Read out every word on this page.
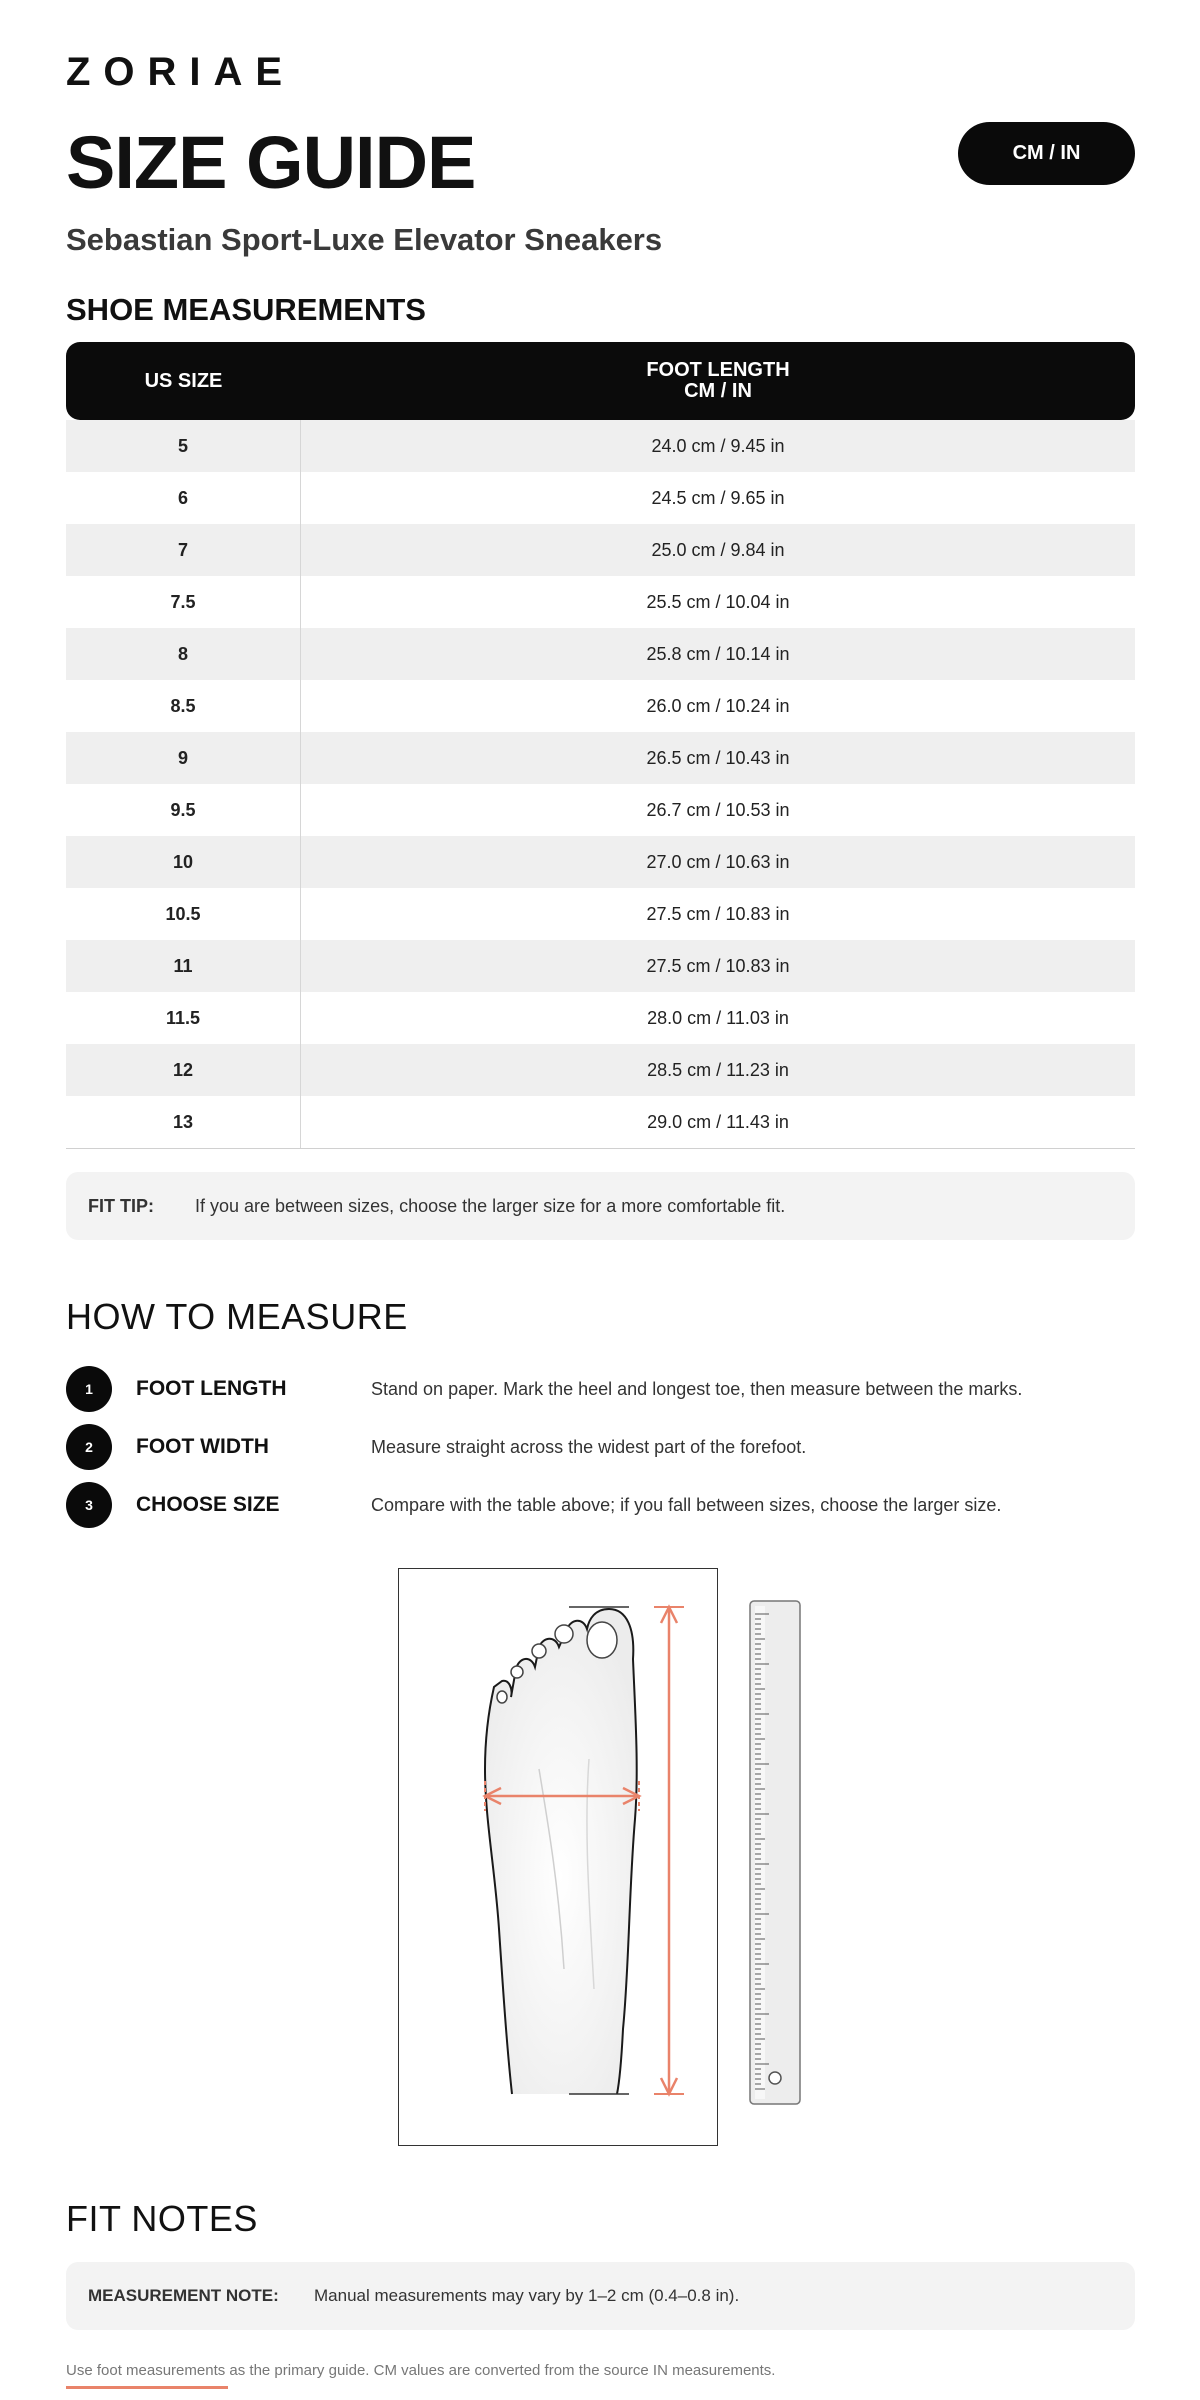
ZORIAE
SIZE GUIDE	CM / IN
Sebastian Sport-Luxe Elevator Sneakers
SHOE MEASUREMENTS
US SIZE	FOOT LENGTH
CM / IN
5	24.0 cm / 9.45 in
6	24.5 cm / 9.65 in
7	25.0 cm / 9.84 in
7.5	25.5 cm / 10.04 in
8	25.8 cm / 10.14 in
8.5	26.0 cm / 10.24 in
9	26.5 cm / 10.43 in
9.5	26.7 cm / 10.53 in
10	27.0 cm / 10.63 in
10.5	27.5 cm / 10.83 in
11	27.5 cm / 10.83 in
11.5	28.0 cm / 11.03 in
12	28.5 cm / 11.23 in
13	29.0 cm / 11.43 in
FIT TIP:	If you are between sizes, choose the larger size for a more comfortable fit.
HOW TO MEASURE
1	FOOT LENGTH	Stand on paper. Mark the heel and longest toe, then measure between the marks.
2	FOOT WIDTH	Measure straight across the widest part of the forefoot.
3	CHOOSE SIZE	Compare with the table above; if you fall between sizes, choose the larger size.
FIT NOTES
MEASUREMENT NOTE:	Manual measurements may vary by 1–2 cm (0.4–0.8 in).
Use foot measurements as the primary guide. CM values are converted from the source IN measurements.
